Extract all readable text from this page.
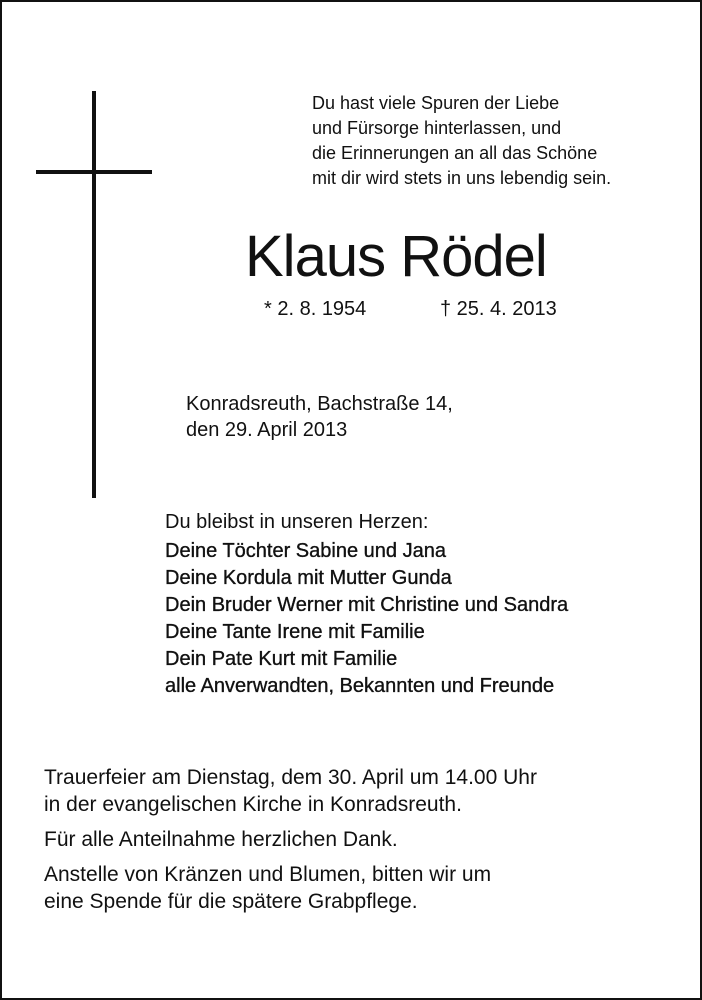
Du hast viele Spuren der Liebe
und Fürsorge hinterlassen, und
die Erinnerungen an all das Schöne
mit dir wird stets in uns lebendig sein.
Klaus Rödel
* 2. 8. 1954	† 25. 4. 2013
Konradsreuth, Bachstraße 14,
den 29. April 2013
Du bleibst in unseren Herzen:
Deine Töchter Sabine und Jana
Deine Kordula mit Mutter Gunda
Dein Bruder Werner mit Christine und Sandra
Deine Tante Irene mit Familie
Dein Pate Kurt mit Familie
alle Anverwandten, Bekannten und Freunde

Trauerfeier am Dienstag, dem 30. April um 14.00 Uhr

in der evangelischen Kirche in Konradsreuth.

Für alle Anteilnahme herzlichen Dank.

Anstelle von Kränzen und Blumen, bitten wir um

eine Spende für die spätere Grabpflege.
